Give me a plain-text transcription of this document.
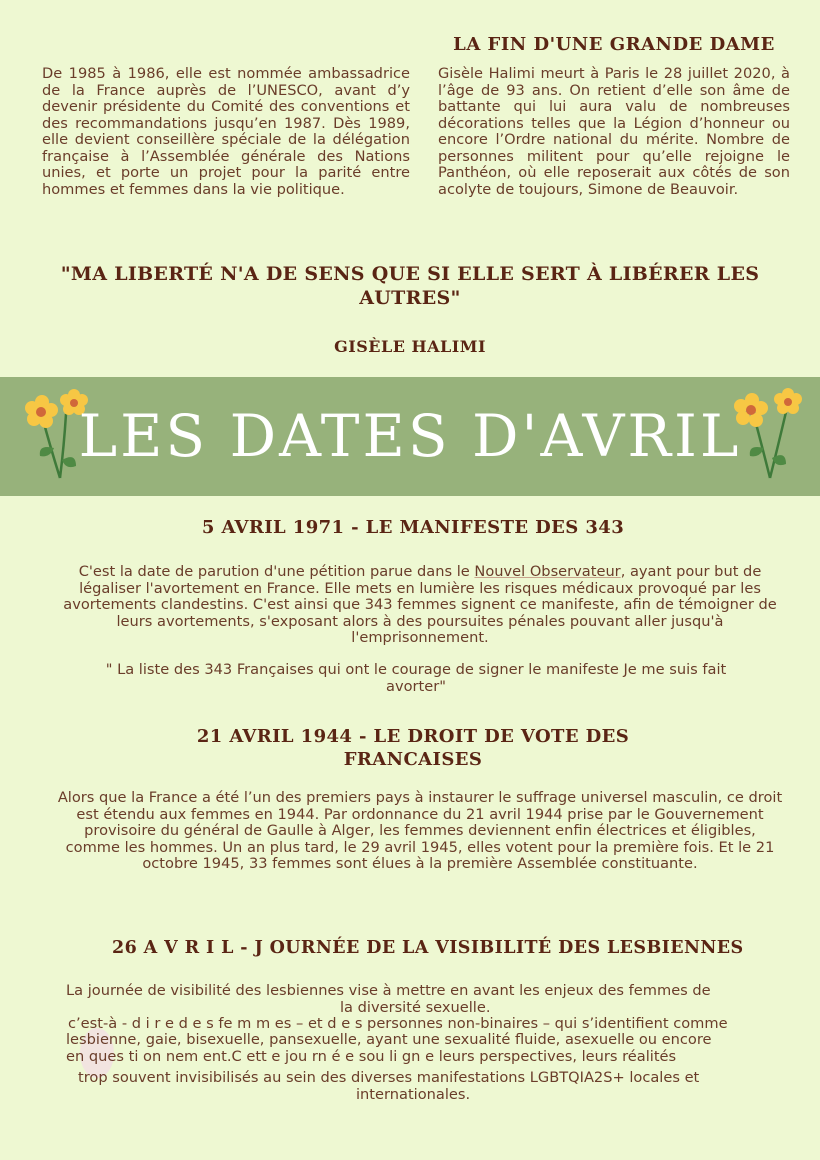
De 1985 à 1986, elle est nommée ambassadrice de la France auprès de l’UNESCO, avant d’y devenir présidente du Comité des conventions et des recommandations jusqu’en 1987. Dès 1989, elle devient conseillère spéciale de la délégation française à l’Assemblée générale des Nations unies, et porte un projet pour la parité entre hommes et femmes dans la vie politique.
LA FIN D'UNE GRANDE DAME
Gisèle Halimi meurt à Paris le 28 juillet 2020, à l’âge de 93 ans. On retient d’elle son âme de battante qui lui aura valu de nombreuses décorations telles que la Légion d’honneur ou encore l’Ordre national du mérite. Nombre de personnes militent pour qu’elle rejoigne le Panthéon, où elle reposerait aux côtés de son acolyte de toujours, Simone de Beauvoir.
"MA LIBERTÉ N'A DE SENS QUE SI ELLE SERT À LIBÉRER LES AUTRES"
GISÈLE HALIMI
LES DATES D'AVRIL
5 AVRIL 1971 - LE MANIFESTE DES 343
C'est la date de parution d'une pétition parue dans le Nouvel Observateur, ayant pour but de légaliser l'avortement en France. Elle mets en lumière les risques médicaux provoqué par les avortements clandestins. C'est ainsi que 343 femmes signent ce manifeste, afin de témoigner de leurs avortements, s'exposant alors à des poursuites pénales pouvant aller jusqu'à l'emprisonnement.
" La liste des 343 Françaises qui ont le courage de signer le manifeste Je me suis fait avorter"
21 AVRIL 1944 - LE DROIT DE VOTE DES
FRANCAISES
Alors que la France a été l’un des premiers pays à instaurer le suffrage universel masculin, ce droit est étendu aux femmes en 1944. Par ordonnance du 21 avril 1944 prise par le Gouvernement provisoire du général de Gaulle à Alger, les femmes deviennent enfin électrices et éligibles, comme les hommes. Un an plus tard, le 29 avril 1945, elles votent pour la première fois. Et le 21 octobre 1945, 33 femmes sont élues à la première Assemblée constituante.
26 A V R I L - J OURNÉE DE LA VISIBILITÉ DES LESBIENNES
La journée de visibilité des lesbiennes vise à mettre en avant les enjeux des femmes de
la diversité sexuelle.
c’est-à - d i r e d e s fe m m es – et d e s personnes non-binaires – qui s’identifient comme
lesbienne, gaie, bisexuelle, pansexuelle, ayant une sexualité fluide, asexuelle ou encore
en ques ti on nem ent.C ett e jou rn é e sou li gn e leurs perspectives, leurs réalités
trop souvent invisibilisés au sein des diverses manifestations LGBTQIA2S+ locales et
internationales.
